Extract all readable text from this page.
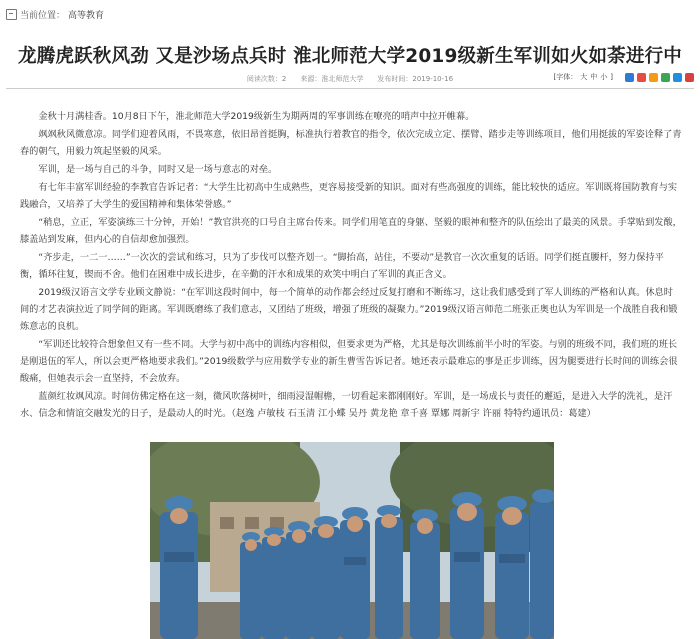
当前位置： 高等教育
龙腾虎跃秋风劲 又是沙场点兵时 淮北师范大学2019级新生军训如火如荼进行中
阅读次数：2 来源：淮北师范大学 发布时间：2019-10-16	[字体： 大 中 小 ]

金秋十月满桂香。10月8日下午，淮北师范大学2019级新生为期两周的军事训练在嘹亮的哨声中拉开帷幕。

飒飒秋风微意凉。同学们迎着风雨，不畏寒意，依旧昂首挺胸，标准执行着教官的指令，依次完成立定、摆臂、踏步走等训练项目，他们用挺拔的军姿诠释了青春的朝气，用毅力筑起坚毅的风采。

军训，是一场与自己的斗争，同时又是一场与意志的对垒。

有七年丰富军训经验的李教官告诉记者：“大学生比初高中生成熟些，更容易接受新的知识。面对有些高强度的训练，能比较快的适应。军训既将国防教育与实践融合，又培养了大学生的爱国精神和集体荣誉感。”

“稍息，立正，军姿演练三十分钟，开始！”教官洪亮的口号自主席台传来。同学们用笔直的身躯、坚毅的眼神和整齐的队伍绘出了最美的风景。手掌贴到发酸，膝盖站到发麻，但内心的自信却愈加强烈。

“齐步走，一二一……”一次次的尝试和练习，只为了步伐可以整齐划一。“脚抬高，站住，不要动”是教官一次次重复的话语。同学们挺直腰杆，努力保持平衡，循环往复，锲而不舍。他们在困难中成长进步，在辛勤的汗水和成果的欢笑中明白了军训的真正含义。

2019级汉语言文学专业顾文静说：“在军训这段时间中，每一个简单的动作都会经过反复打磨和不断练习，这让我们感受到了军人训练的严格和认真。休息时间的才艺表演拉近了同学间的距离。军训既磨练了我们意志，又团结了班级，增强了班级的凝聚力。”2019级汉语言师范二班张正奥也认为军训是一个战胜自我和锻炼意志的良机。

“军训还比较符合想象但又有一些不同。大学与初中高中的训练内容相似，但要求更为严格，尤其是每次训练前半小时的军姿。与别的班级不同，我们班的班长是刚退伍的军人，所以会更严格地要求我们。”2019级数学与应用数学专业的新生曹雪告诉记者。她还表示最难忘的事是正步训练，因为腿要进行长时间的训练会很酸痛，但她表示会一直坚持，不会放弃。

蓝颜红妆飒风凉。时间仿佛定格在这一刻，微风吹落树叶，细雨浸湿帽檐，一切看起来都刚刚好。军训，是一场成长与责任的邂逅，是进入大学的洗礼，是汗水、信念和情谊交融发光的日子，是最动人的时光。（赵逸 卢敏枝 石玉清 江小蝶 吴丹 黄龙艳 章千喜 覃娜 周新宇 许丽 特特约通讯员：葛建）
